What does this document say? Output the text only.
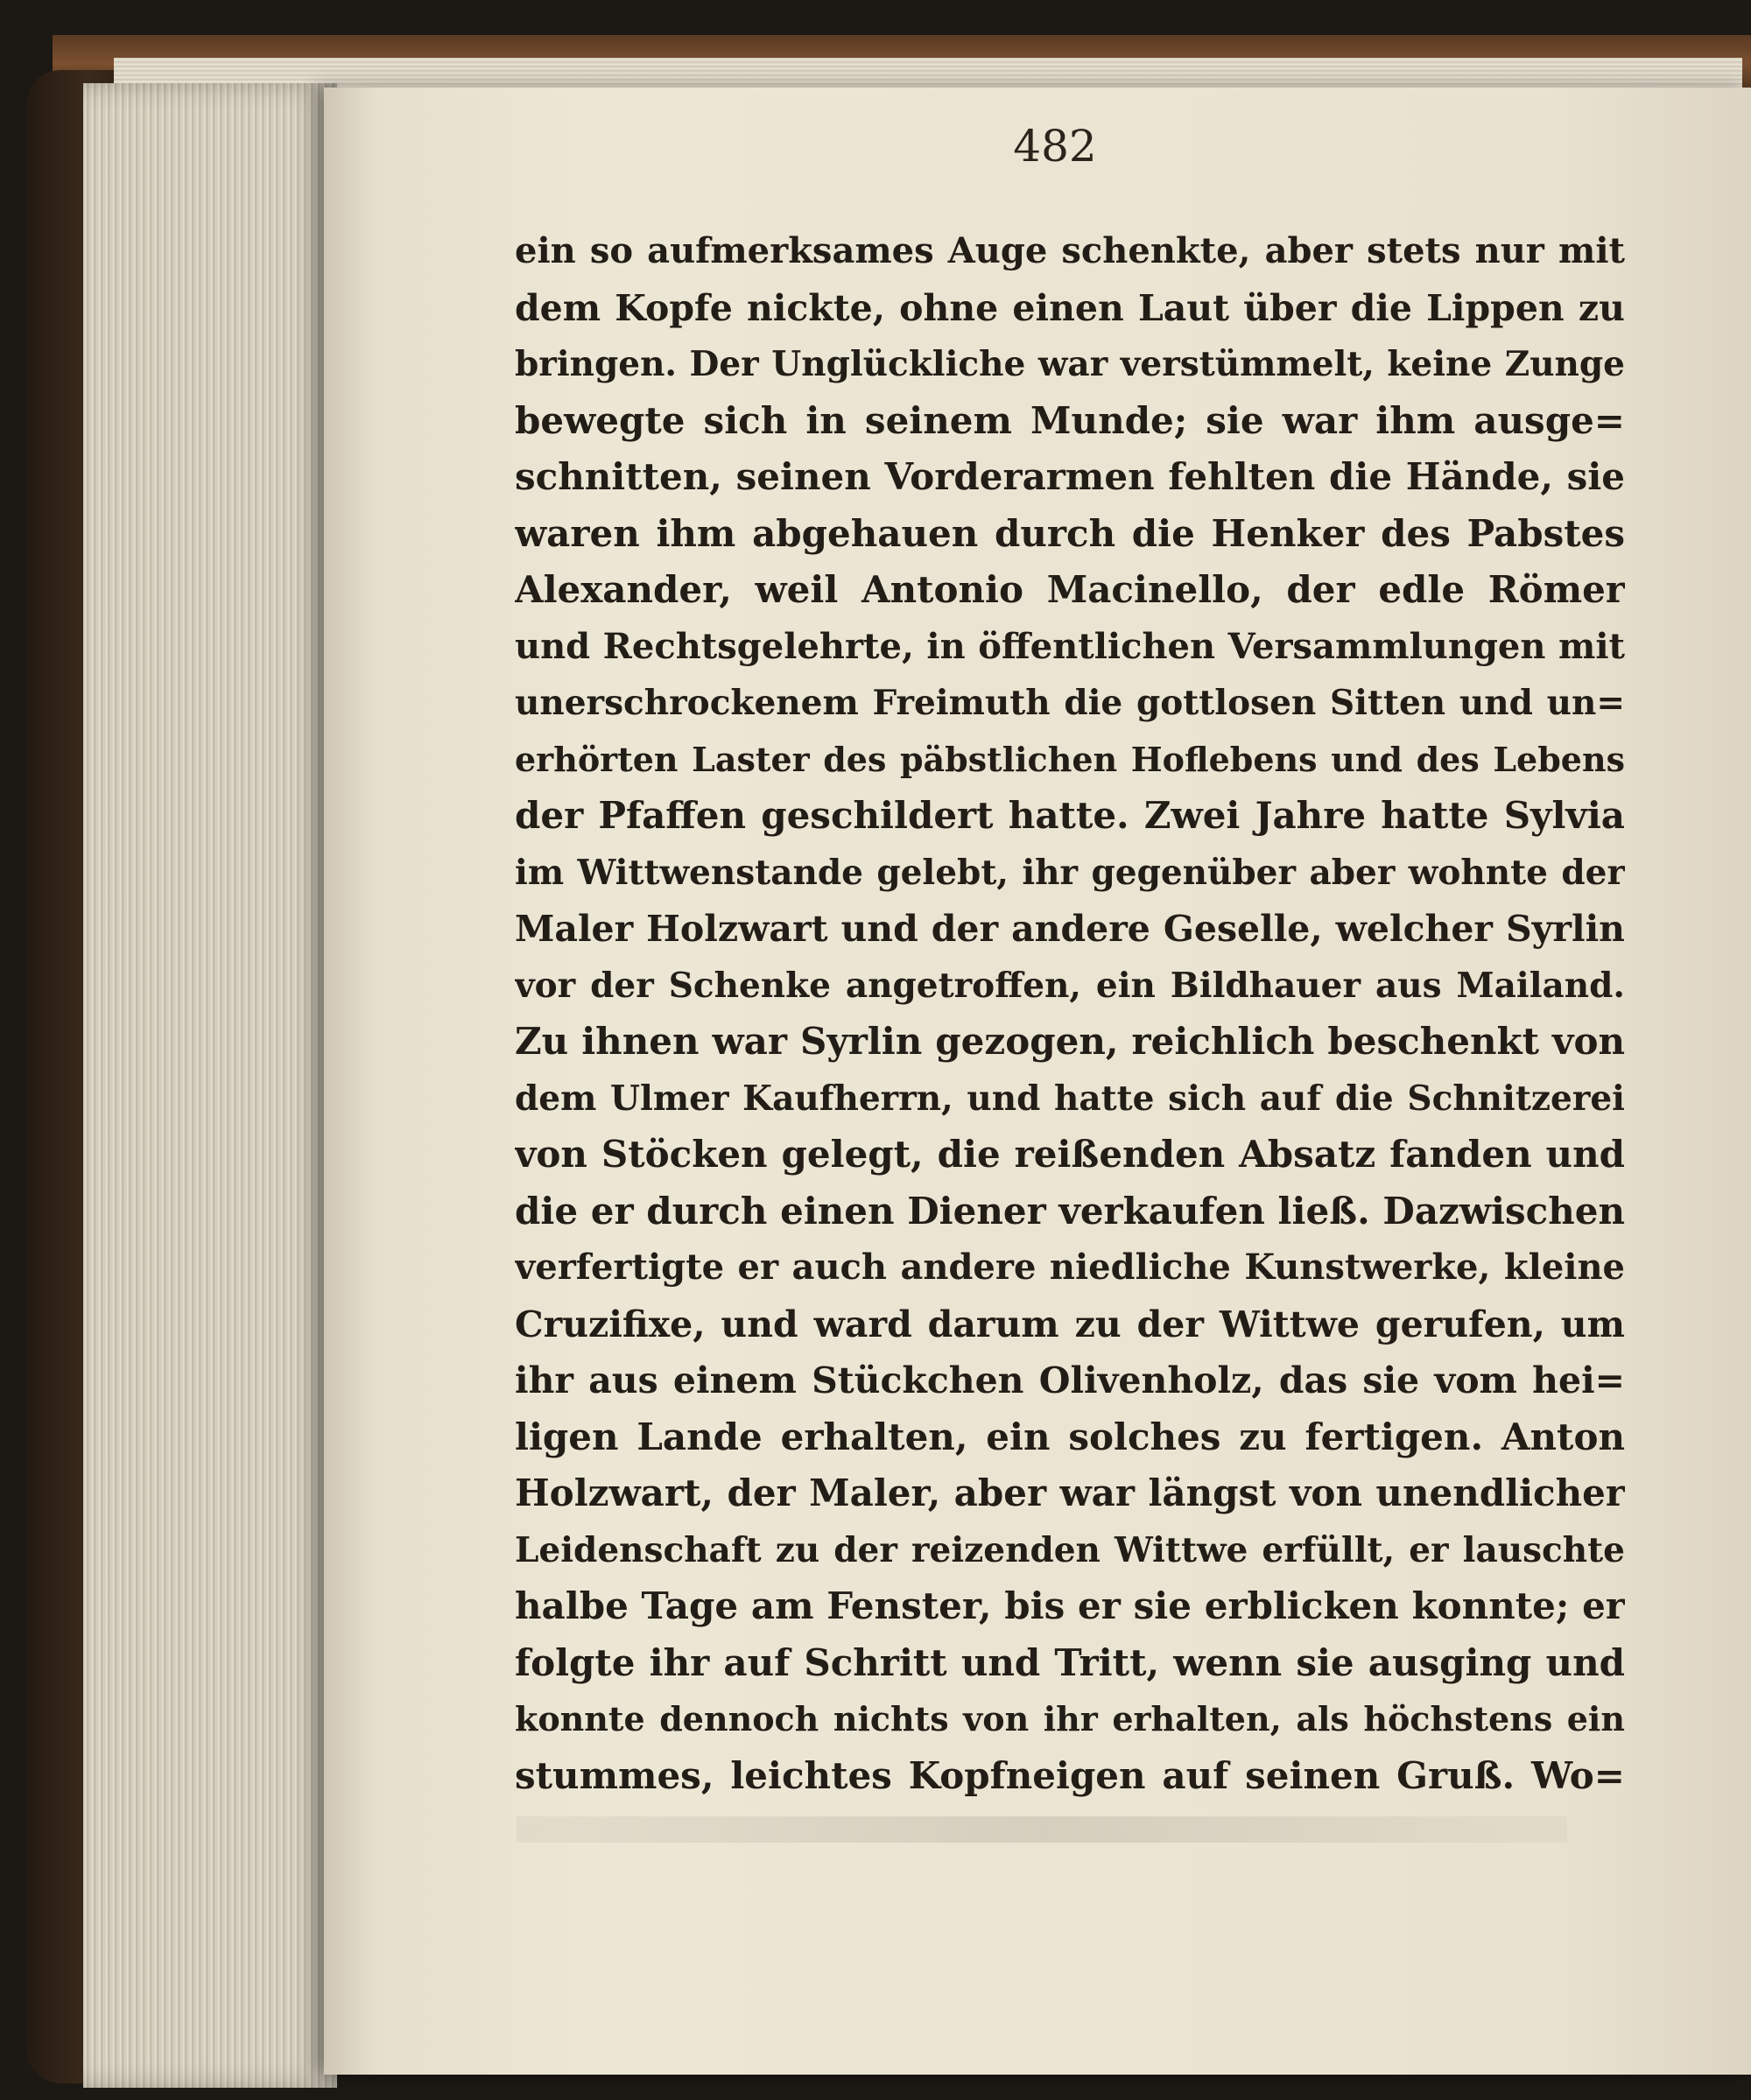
482
ein so aufmerksames Auge schenkte, aber stets nur mit
dem Kopfe nickte, ohne einen Laut über die Lippen zu
bringen. Der Unglückliche war verstümmelt, keine Zunge
bewegte sich in seinem Munde; sie war ihm ausge=
schnitten, seinen Vorderarmen fehlten die Hände, sie
waren ihm abgehauen durch die Henker des Pabstes
Alexander, weil Antonio Macinello, der edle Römer
und Rechtsgelehrte, in öffentlichen Versammlungen mit
unerschrockenem Freimuth die gottlosen Sitten und un=
erhörten Laster des päbstlichen Hoflebens und des Lebens
der Pfaffen geschildert hatte. Zwei Jahre hatte Sylvia
im Wittwenstande gelebt, ihr gegenüber aber wohnte der
Maler Holzwart und der andere Geselle, welcher Syrlin
vor der Schenke angetroffen, ein Bildhauer aus Mailand.
Zu ihnen war Syrlin gezogen, reichlich beschenkt von
dem Ulmer Kaufherrn, und hatte sich auf die Schnitzerei
von Stöcken gelegt, die reißenden Absatz fanden und
die er durch einen Diener verkaufen ließ. Dazwischen
verfertigte er auch andere niedliche Kunstwerke, kleine
Cruzifixe, und ward darum zu der Wittwe gerufen, um
ihr aus einem Stückchen Olivenholz, das sie vom hei=
ligen Lande erhalten, ein solches zu fertigen. Anton
Holzwart, der Maler, aber war längst von unendlicher
Leidenschaft zu der reizenden Wittwe erfüllt, er lauschte
halbe Tage am Fenster, bis er sie erblicken konnte; er
folgte ihr auf Schritt und Tritt, wenn sie ausging und
konnte dennoch nichts von ihr erhalten, als höchstens ein
stummes, leichtes Kopfneigen auf seinen Gruß. Wo=
